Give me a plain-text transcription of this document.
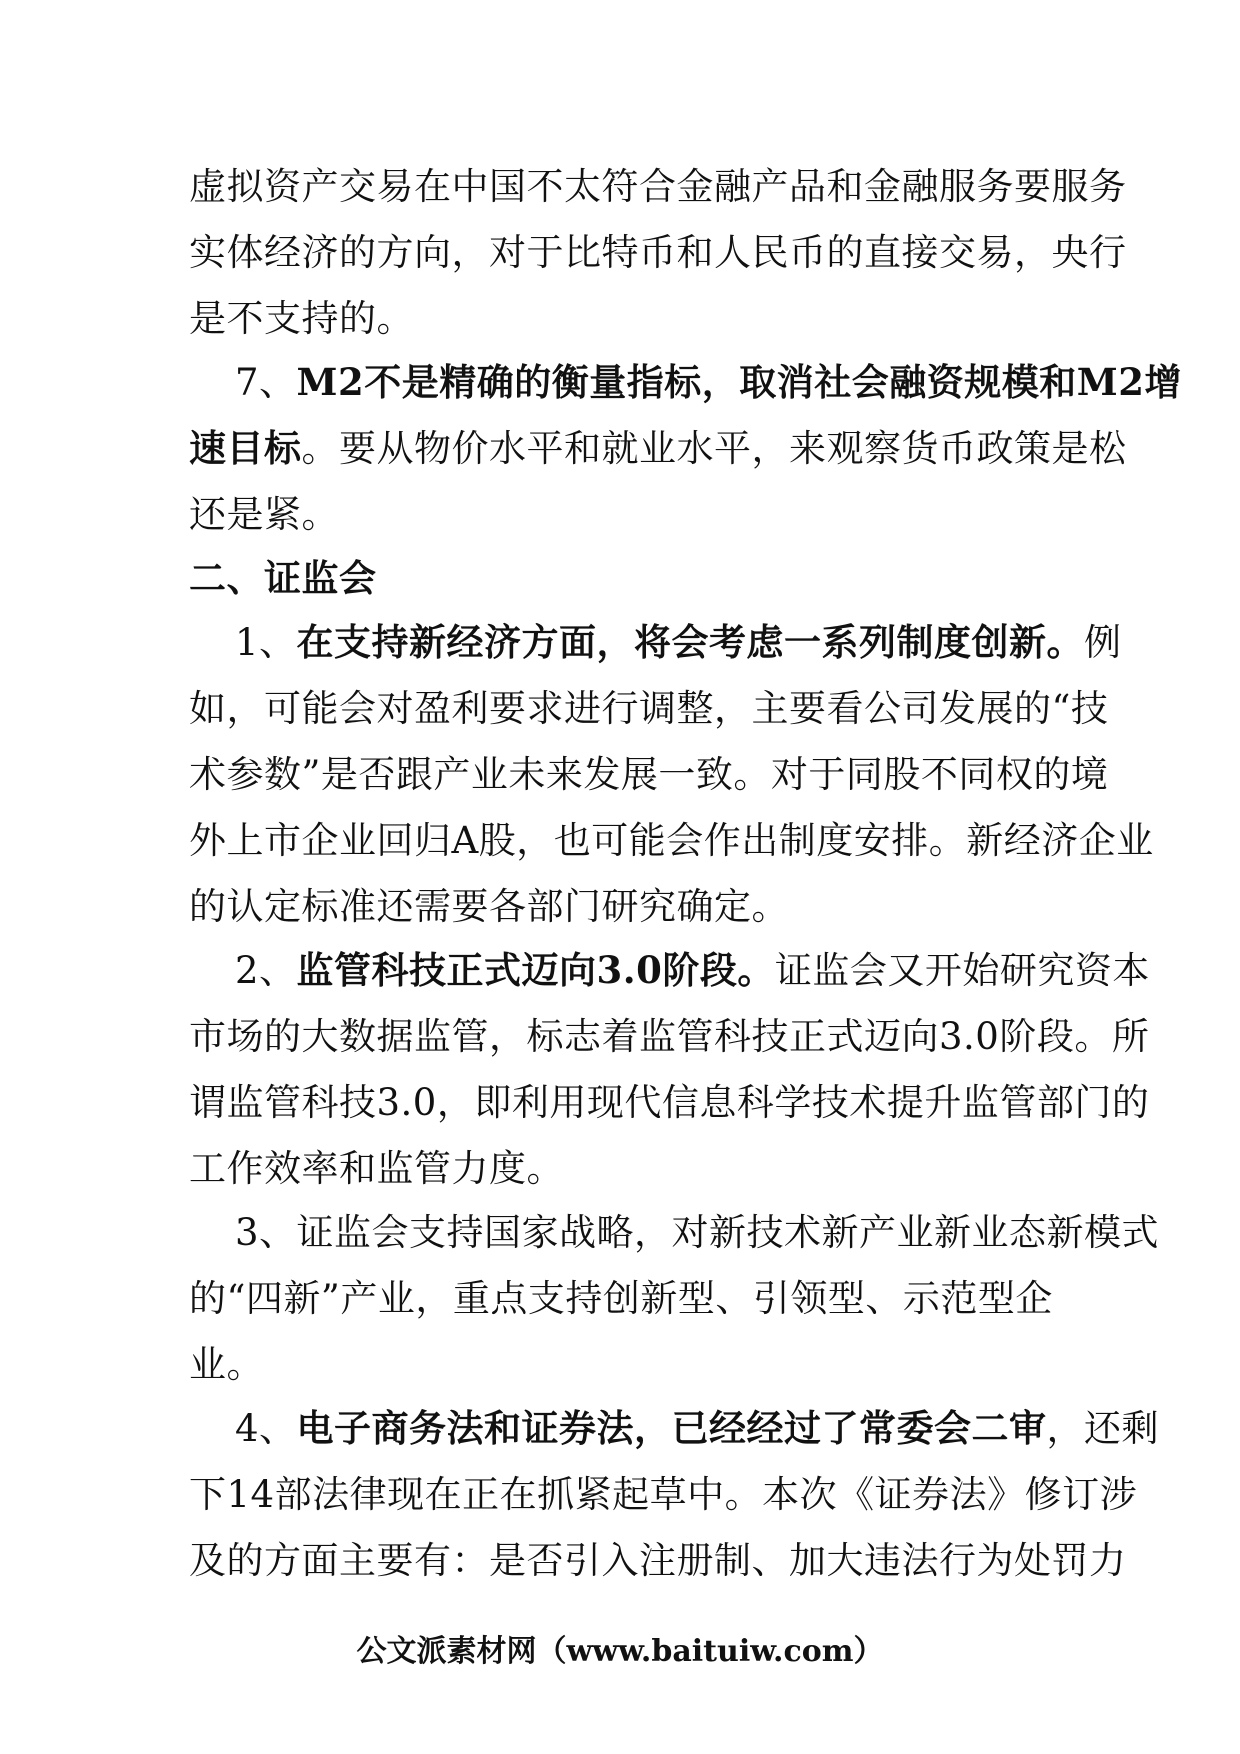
虚拟资产交易在中国不太符合金融产品和金融服务要服务
实体经济的方向，对于比特币和人民币的直接交易，央行
是不支持的。
7、M2不是精确的衡量指标，取消社会融资规模和M2增
速目标。要从物价水平和就业水平，来观察货币政策是松
还是紧。
二、证监会
1、在支持新经济方面，将会考虑一系列制度创新。例
如，可能会对盈利要求进行调整，主要看公司发展的“技
术参数”是否跟产业未来发展一致。对于同股不同权的境
外上市企业回归A股，也可能会作出制度安排。新经济企业
的认定标准还需要各部门研究确定。
2、监管科技正式迈向3.0阶段。证监会又开始研究资本
市场的大数据监管，标志着监管科技正式迈向3.0阶段。所
谓监管科技3.0，即利用现代信息科学技术提升监管部门的
工作效率和监管力度。
3、证监会支持国家战略，对新技术新产业新业态新模式
的“四新”产业，重点支持创新型、引领型、示范型企
业。
4、电子商务法和证券法，已经经过了常委会二审，还剩
下14部法律现在正在抓紧起草中。本次《证券法》修订涉
及的方面主要有：是否引入注册制、加大违法行为处罚力
公文派素材网（www.baituiw.com）
